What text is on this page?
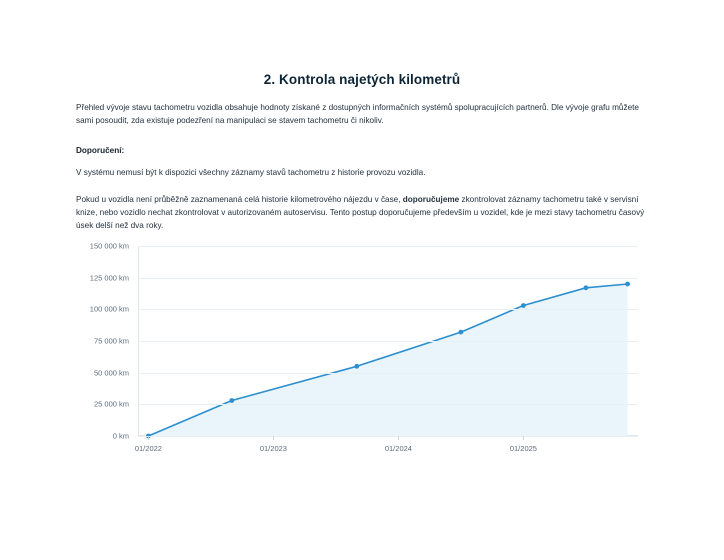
2. Kontrola najetých kilometrů
Přehled vývoje stavu tachometru vozidla obsahuje hodnoty získané z dostupných informačních systémů spolupracujících partnerů. Dle vývoje grafu můžete sami posoudit, zda existuje podezření na manipulaci se stavem tachometru či nikoliv.
Doporučení:
V systému nemusí být k dispozici všechny záznamy stavů tachometru z historie provozu vozidla.
Pokud u vozidla není průběžně zaznamenaná celá historie kilometrového nájezdu v čase, doporučujeme zkontrolovat záznamy tachometru také v servisní knize, nebo vozidlo nechat zkontrolovat v autorizovaném autoservisu. Tento postup doporučujeme především u vozidel, kde je mezi stavy tachometru časový úsek delší než dva roky.
150 000 km
125 000 km
100 000 km
75 000 km
50 000 km
25 000 km
0 km
01/2022	01/2023	01/2024	01/2025
